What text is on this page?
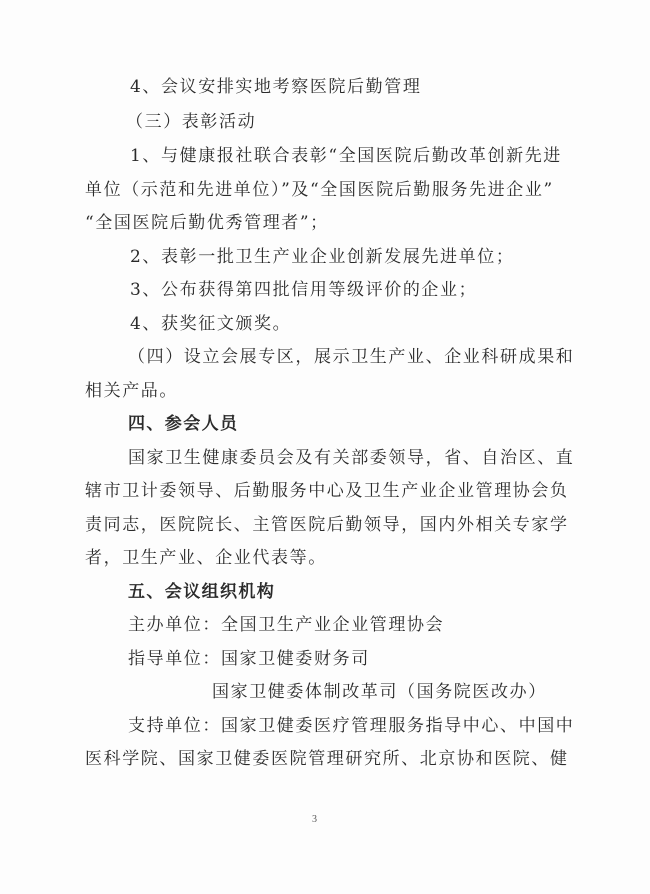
4、会议安排实地考察医院后勤管理
（三）表彰活动
1、与健康报社联合表彰“全国医院后勤改革创新先进
单位（示范和先进单位）”及“全国医院后勤服务先进企业”
“全国医院后勤优秀管理者”；
2、表彰一批卫生产业企业创新发展先进单位；
3、公布获得第四批信用等级评价的企业；
4、获奖征文颁奖。
（四）设立会展专区，展示卫生产业、企业科研成果和
相关产品。
四、参会人员
国家卫生健康委员会及有关部委领导，省、自治区、直
辖市卫计委领导、后勤服务中心及卫生产业企业管理协会负
责同志，医院院长、主管医院后勤领导，国内外相关专家学
者，卫生产业、企业代表等。
五、会议组织机构
主办单位：全国卫生产业企业管理协会
指导单位：国家卫健委财务司
国家卫健委体制改革司（国务院医改办）
支持单位：国家卫健委医疗管理服务指导中心、中国中
医科学院、国家卫健委医院管理研究所、北京协和医院、健
3
